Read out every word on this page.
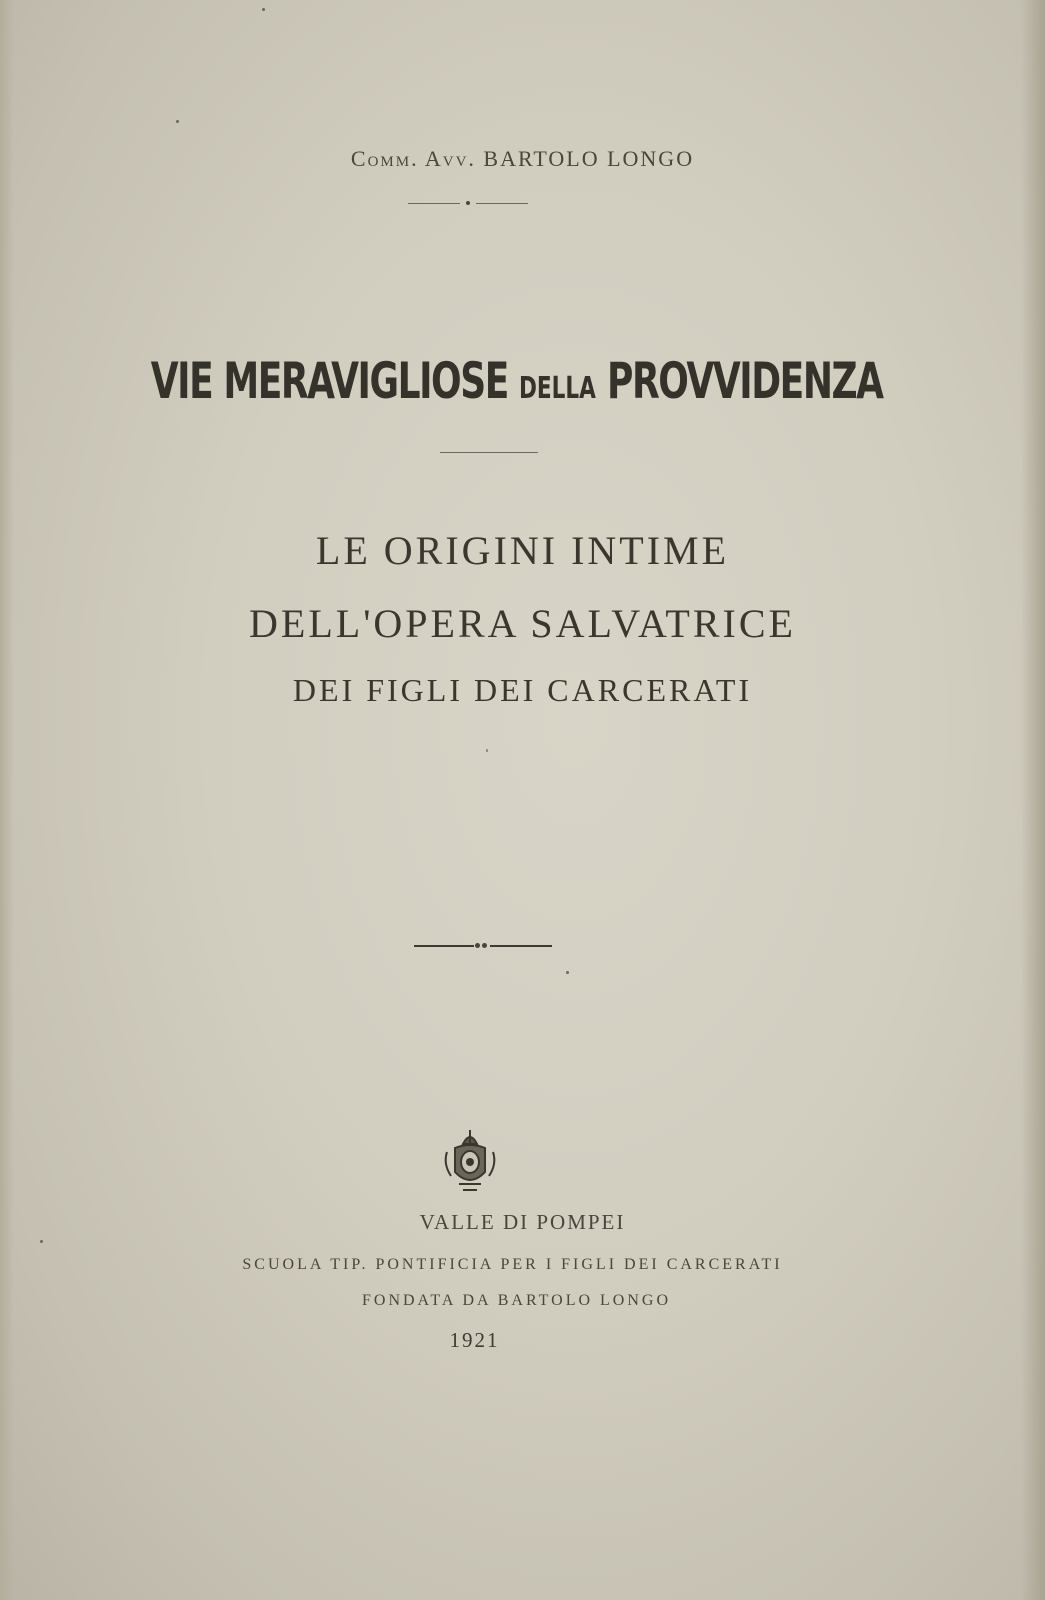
Comm. Avv. BARTOLO LONGO
VIE MERAVIGLIOSE DELLA PROVVIDENZA
LE ORIGINI INTIME
DELL'OPERA SALVATRICE
DEI FIGLI DEI CARCERATI
ˌ
VALLE DI POMPEI
SCUOLA TIP. PONTIFICIA PER I FIGLI DEI CARCERATI
FONDATA DA BARTOLO LONGO
1921
